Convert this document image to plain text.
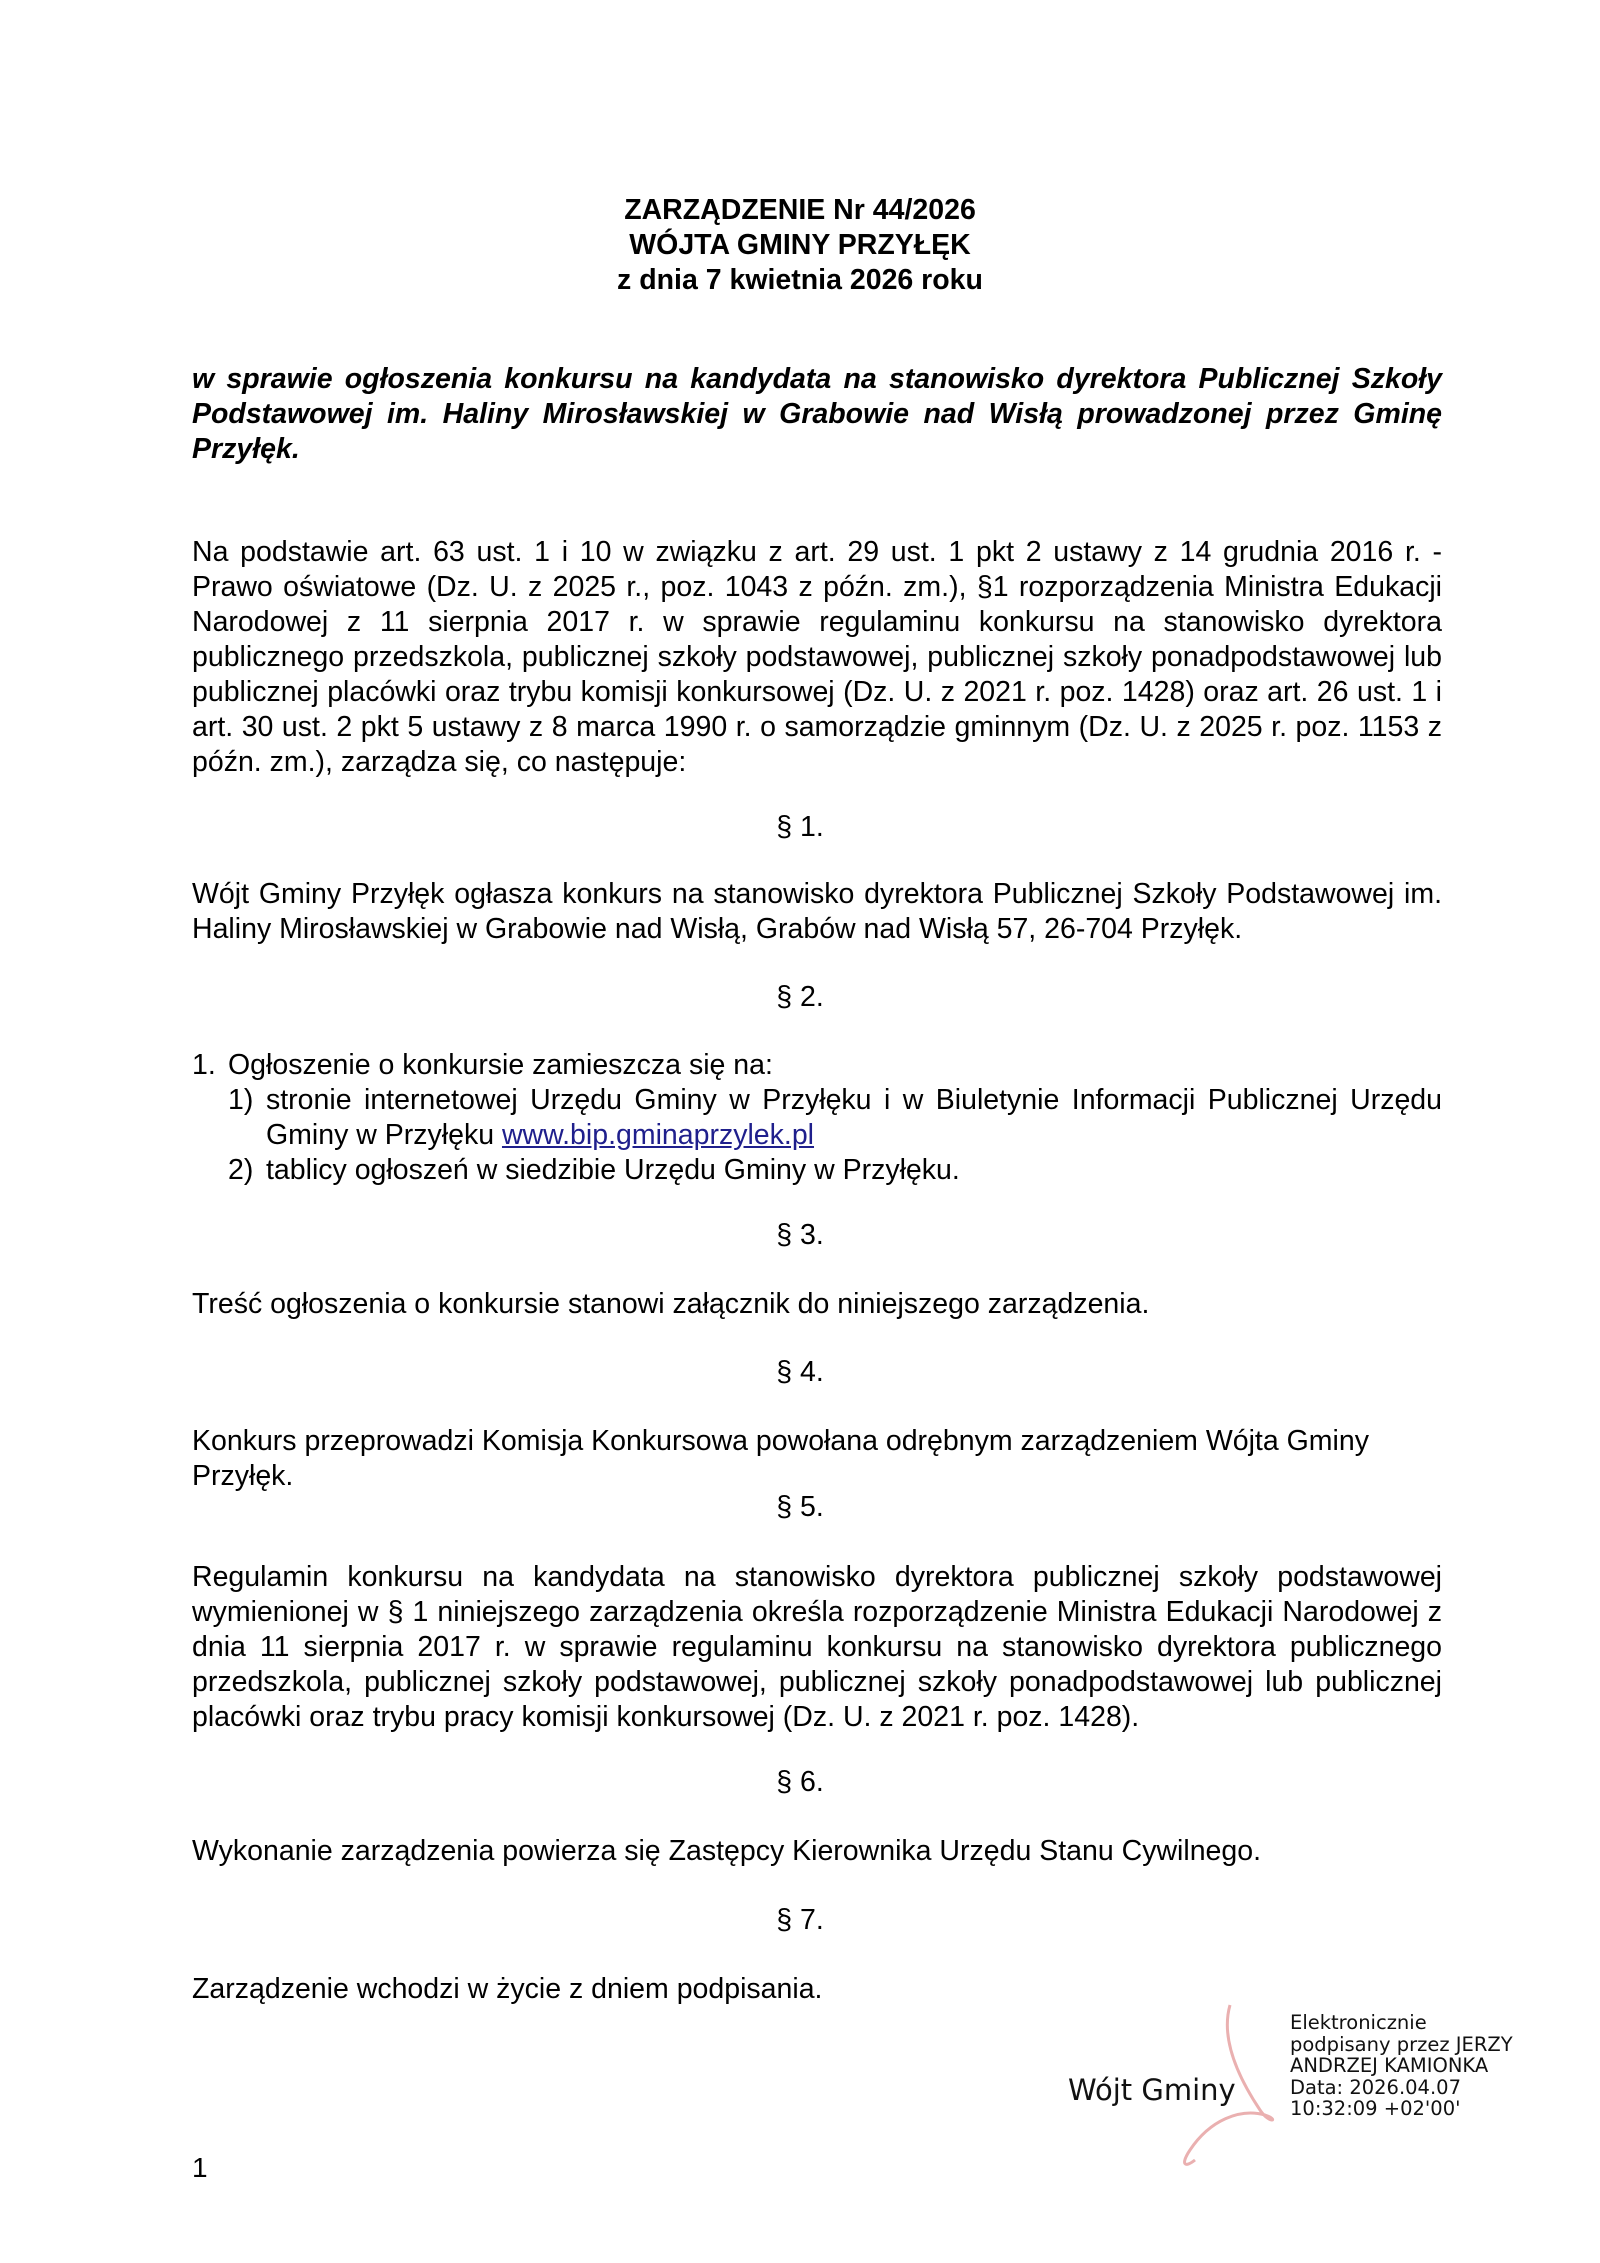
ZARZĄDZENIE Nr 44/2026
WÓJTA GMINY PRZYŁĘK
z dnia 7 kwietnia 2026 roku
w sprawie ogłoszenia konkursu na kandydata na stanowisko dyrektora Publicznej Szkoły Podstawowej im. Haliny Mirosławskiej w Grabowie nad Wisłą prowadzonej przez Gminę Przyłęk.
Na podstawie art. 63 ust. 1 i 10 w związku z art. 29 ust. 1 pkt 2 ustawy z 14 grudnia 2016 r. - Prawo oświatowe (Dz. U. z 2025 r., poz. 1043 z późn. zm.), §1 rozporządzenia Ministra Edukacji Narodowej z 11 sierpnia 2017 r. w sprawie regulaminu konkursu na stanowisko dyrektora publicznego przedszkola, publicznej szkoły podstawowej, publicznej szkoły ponadpodstawowej lub publicznej placówki oraz trybu komisji konkursowej (Dz. U. z 2021 r. poz. 1428) oraz art. 26 ust. 1 i art. 30 ust. 2 pkt 5 ustawy z 8 marca 1990 r. o samorządzie gminnym (Dz. U. z 2025 r. poz. 1153 z późn. zm.), zarządza się, co następuje:
§ 1.
Wójt Gminy Przyłęk ogłasza konkurs na stanowisko dyrektora Publicznej Szkoły Podstawowej im. Haliny Mirosławskiej w Grabowie nad Wisłą, Grabów nad Wisłą 57, 26-704 Przyłęk.
§ 2.
1. Ogłoszenie o konkursie zamieszcza się na:
1) stronie internetowej Urzędu Gminy w Przyłęku i w Biuletynie Informacji Publicznej Urzędu Gminy w Przyłęku www.bip.gminaprzylek.pl
2) tablicy ogłoszeń w siedzibie Urzędu Gminy w Przyłęku.
§ 3.
Treść ogłoszenia o konkursie stanowi załącznik do niniejszego zarządzenia.
§ 4.
Konkurs przeprowadzi Komisja Konkursowa powołana odrębnym zarządzeniem Wójta Gminy Przyłęk.
§ 5.
Regulamin konkursu na kandydata na stanowisko dyrektora publicznej szkoły podstawowej wymienionej w § 1 niniejszego zarządzenia określa rozporządzenie Ministra Edukacji Narodowej z dnia 11 sierpnia 2017 r. w sprawie regulaminu konkursu na stanowisko dyrektora publicznego przedszkola, publicznej szkoły podstawowej, publicznej szkoły ponadpodstawowej lub publicznej placówki oraz trybu pracy komisji konkursowej (Dz. U. z 2021 r. poz. 1428).
§ 6.
Wykonanie zarządzenia powierza się Zastępcy Kierownika Urzędu Stanu Cywilnego.
§ 7.
Zarządzenie wchodzi w życie z dniem podpisania.
Wójt Gminy
Elektronicznie
podpisany przez JERZY
ANDRZEJ KAMIONKA
Data: 2026.04.07
10:32:09 +02'00'
1
